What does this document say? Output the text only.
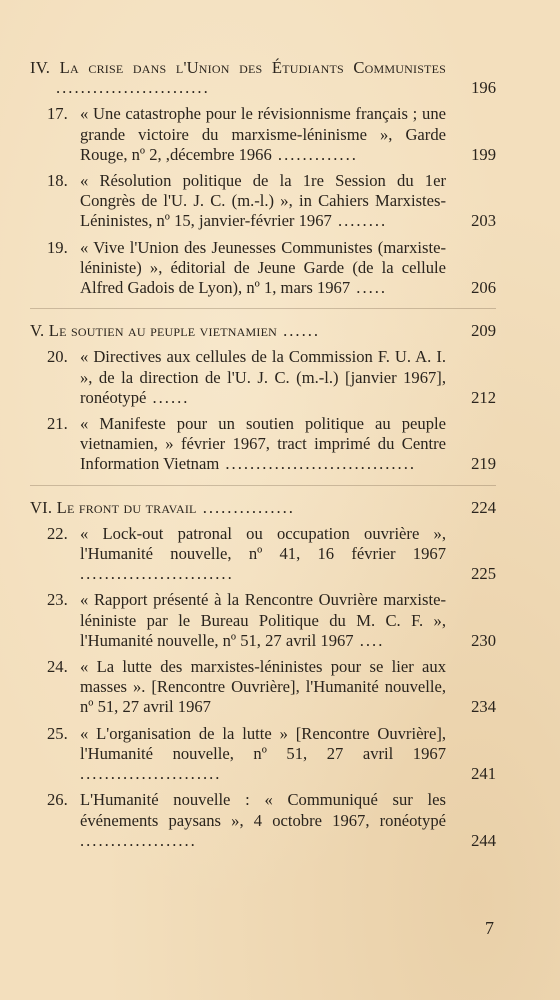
IV. La crise dans l'Union des Étudiants Communistes .........................	196
17. « Une catastrophe pour le révisionnisme français ; une grande victoire du marxisme-léninisme », Garde Rouge, nº 2, ,décembre 1966 .............	199
18. « Résolution politique de la 1re Session du 1er Congrès de l'U. J. C. (m.-l.) », in Cahiers Marxistes-Léninistes, nº 15, janvier-février 1967 ........	203
19. « Vive l'Union des Jeunesses Communistes (marxiste-léniniste) », éditorial de Jeune Garde (de la cellule Alfred Gadois de Lyon), nº 1, mars 1967 .....	206
V. Le soutien au peuple vietnamien ......	209
20. « Directives aux cellules de la Commission F. U. A. I. », de la direction de l'U. J. C. (m.-l.) [janvier 1967], ronéotypé ......	212
21. « Manifeste pour un soutien politique au peuple vietnamien, » février 1967, tract imprimé du Centre Information Vietnam ...............................	219
VI. Le front du travail ...............	224
22. « Lock-out patronal ou occupation ouvrière », l'Humanité nouvelle, nº 41, 16 février 1967 .........................	225
23. « Rapport présenté à la Rencontre Ouvrière marxiste-léniniste par le Bureau Politique du M. C. F. », l'Humanité nouvelle, nº 51, 27 avril 1967 ....	230
24. « La lutte des marxistes-léninistes pour se lier aux masses ». [Rencontre Ouvrière], l'Humanité nouvelle, nº 51, 27 avril 1967	234
25. « L'organisation de la lutte » [Rencontre Ouvrière], l'Humanité nouvelle, nº 51, 27 avril 1967 .......................	241
26. L'Humanité nouvelle : « Communiqué sur les événements paysans », 4 octobre 1967, ronéotypé ...................	244
7
